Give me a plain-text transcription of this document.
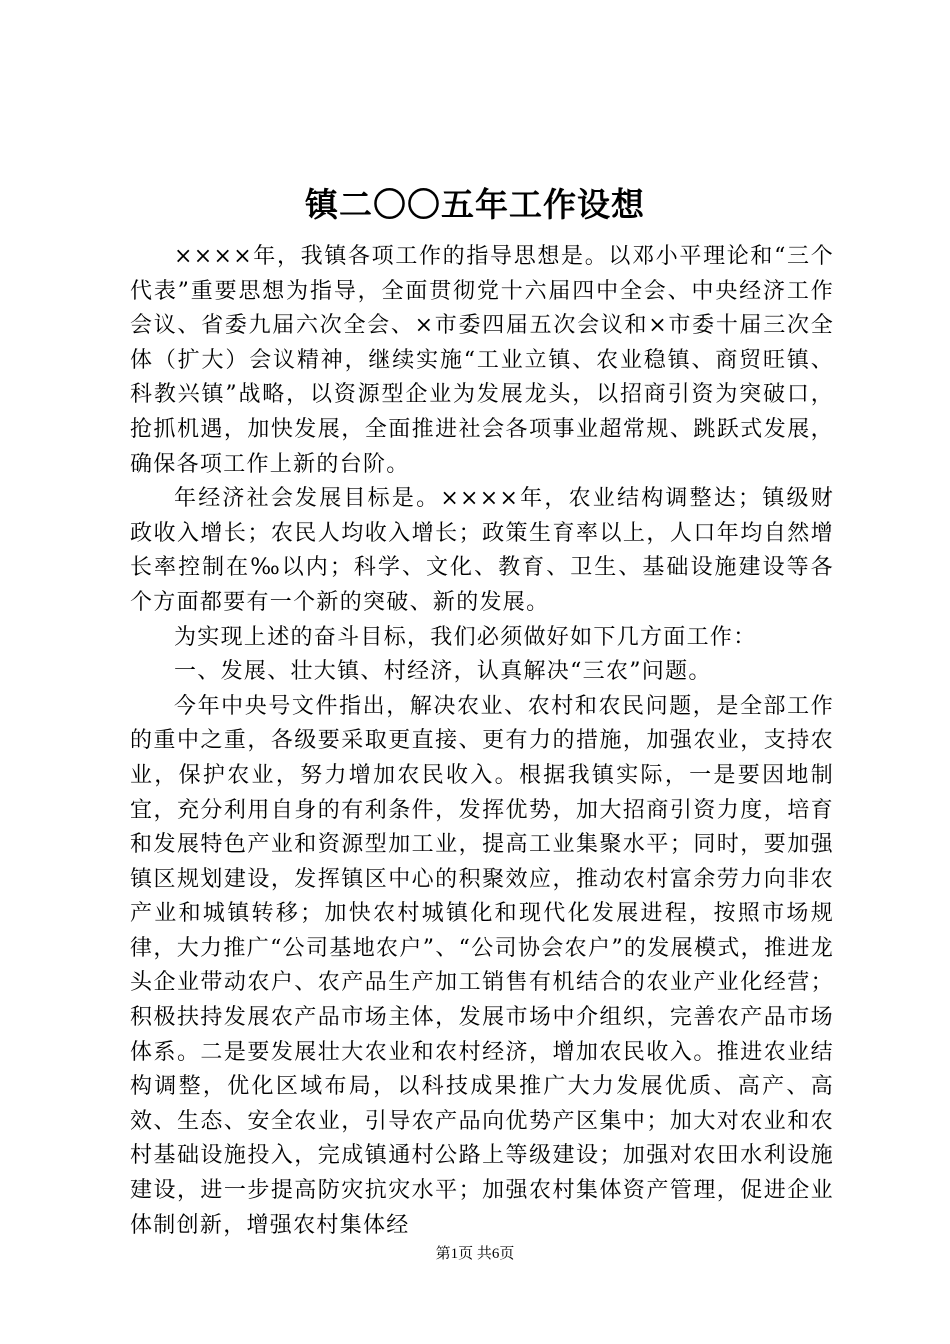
镇二〇〇五年工作设想

××××年，我镇各项工作的指导思想是。以邓小平理论和“三个代表”重要思想为指导，全面贯彻党十六届四中全会、中央经济工作会议、省委九届六次全会、×市委四届五次会议和×市委十届三次全体（扩大）会议精神，继续实施“工业立镇、农业稳镇、商贸旺镇、科教兴镇”战略，以资源型企业为发展龙头，以招商引资为突破口，抢抓机遇，加快发展，全面推进社会各项事业超常规、跳跃式发展，确保各项工作上新的台阶。

年经济社会发展目标是。××××年，农业结构调整达；镇级财政收入增长；农民人均收入增长；政策生育率以上，人口年均自然增长率控制在‰以内；科学、文化、教育、卫生、基础设施建设等各个方面都要有一个新的突破、新的发展。

为实现上述的奋斗目标，我们必须做好如下几方面工作：

一、发展、壮大镇、村经济，认真解决“三农”问题。

今年中央号文件指出，解决农业、农村和农民问题，是全部工作的重中之重，各级要采取更直接、更有力的措施，加强农业，支持农业，保护农业，努力增加农民收入。根据我镇实际，一是要因地制宜，充分利用自身的有利条件，发挥优势，加大招商引资力度，培育和发展特色产业和资源型加工业，提高工业集聚水平；同时，要加强镇区规划建设，发挥镇区中心的积聚效应，推动农村富余劳力向非农产业和城镇转移；加快农村城镇化和现代化发展进程，按照市场规律，大力推广“公司基地农户”、“公司协会农户”的发展模式，推进龙头企业带动农户、农产品生产加工销售有机结合的农业产业化经营；积极扶持发展农产品市场主体，发展市场中介组织，完善农产品市场体系。二是要发展壮大农业和农村经济，增加农民收入。推进农业结构调整，优化区域布局，以科技成果推广大力发展优质、高产、高效、生态、安全农业，引导农产品向优势产区集中；加大对农业和农村基础设施投入，完成镇通村公路上等级建设；加强对农田水利设施建设，进一步提高防灾抗灾水平；加强农村集体资产管理，促进企业体制创新，增强农村集体经

第1页 共6页
